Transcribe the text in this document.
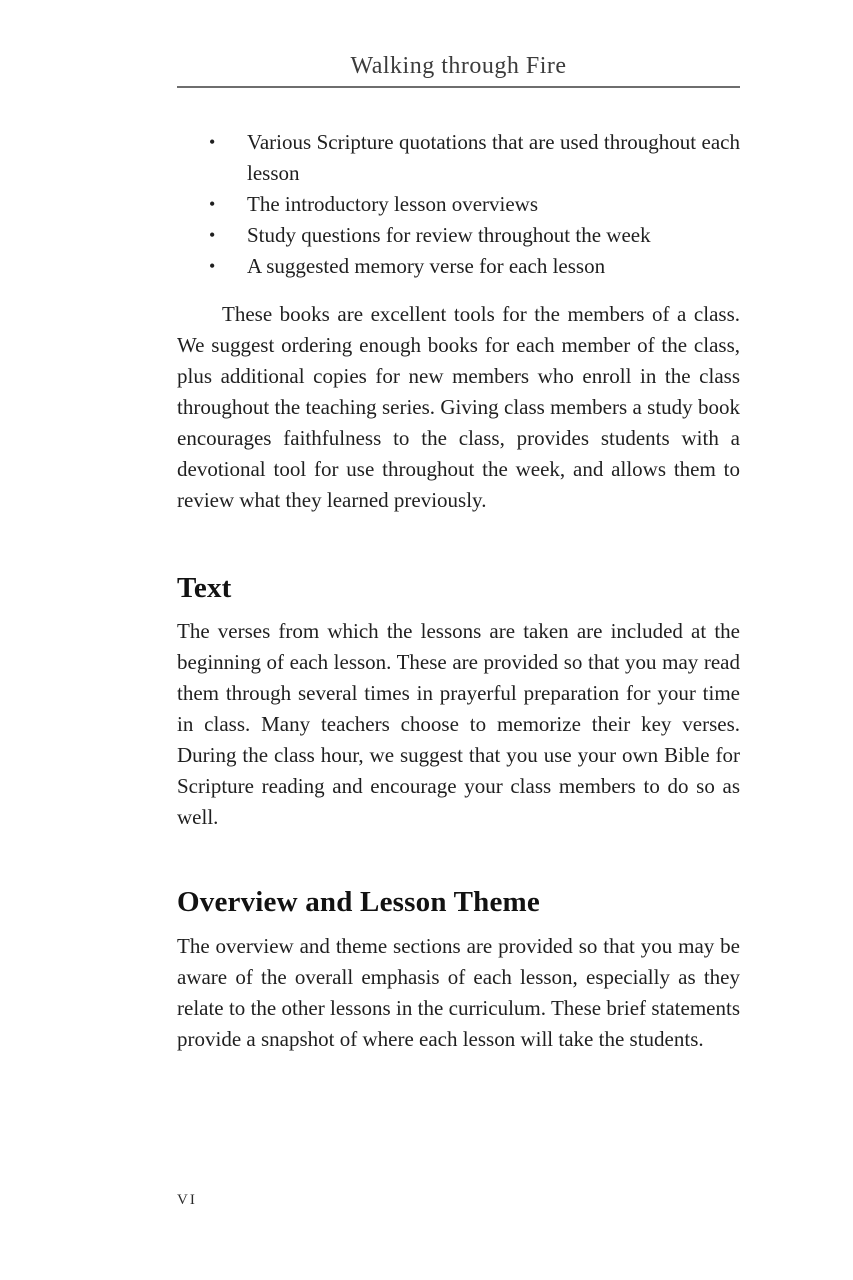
Walking through Fire
• Various Scripture quotations that are used throughout each lesson
• The introductory lesson overviews
• Study questions for review throughout the week
• A suggested memory verse for each lesson

These books are excellent tools for the members of a class. We suggest ordering enough books for each member of the class, plus additional copies for new members who enroll in the class throughout the teaching series. Giving class members a study book encourages faithfulness to the class, provides students with a devotional tool for use throughout the week, and allows them to review what they learned previously.

Text

The verses from which the lessons are taken are included at the beginning of each lesson. These are provided so that you may read them through several times in prayerful preparation for your time in class. Many teachers choose to memorize their key verses. During the class hour, we suggest that you use your own Bible for Scripture reading and encourage your class members to do so as well.

Overview and Lesson Theme

The overview and theme sections are provided so that you may be aware of the overall emphasis of each lesson, especially as they relate to the other lessons in the curriculum. These brief statements provide a snapshot of where each lesson will take the students.

VI
